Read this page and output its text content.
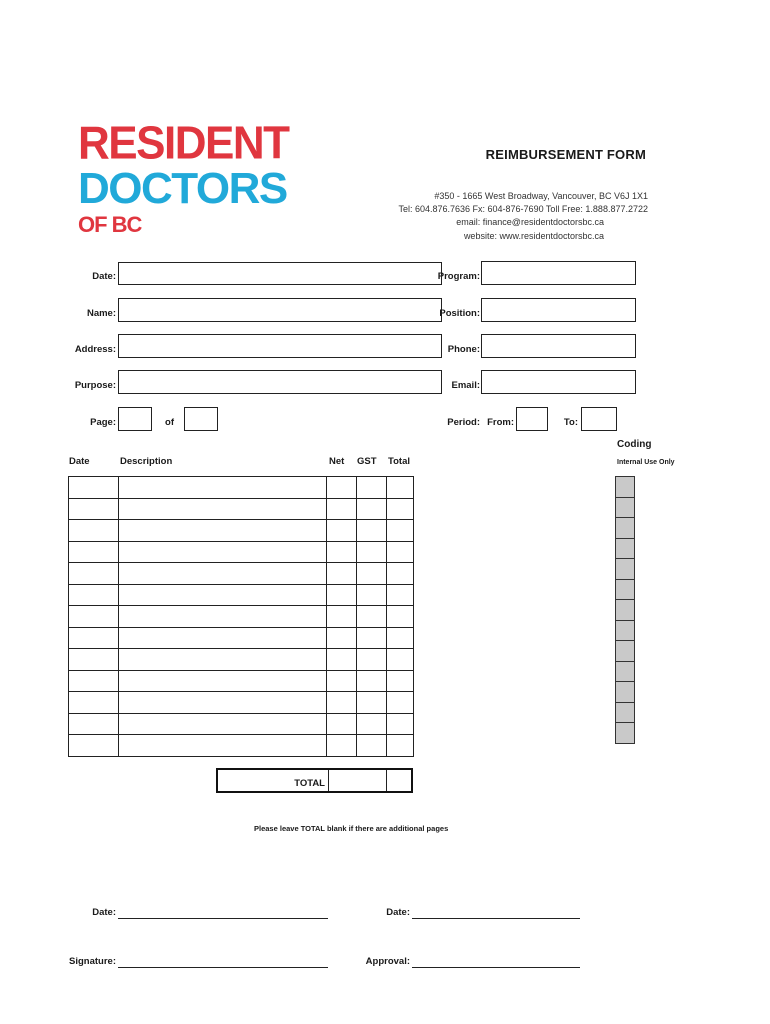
RESIDENT
DOCTORS
OF BC
REIMBURSEMENT FORM
#350 - 1665 West Broadway, Vancouver, BC V6J 1X1
Tel: 604.876.7636 Fx: 604-876-7690 Toll Free: 1.888.877.2722
email: finance@residentdoctorsbc.ca
website: www.residentdoctorsbc.ca
Date:
Name:
Address:
Purpose:
Page:	of
Program:
Position:
Phone:
Email:
Period: From:	To:
Date	Description	Net GST Total
Coding
Internal Use Only

TOTAL
Please leave TOTAL blank if there are additional pages
Date:	Date:
Signature:	Approval:
